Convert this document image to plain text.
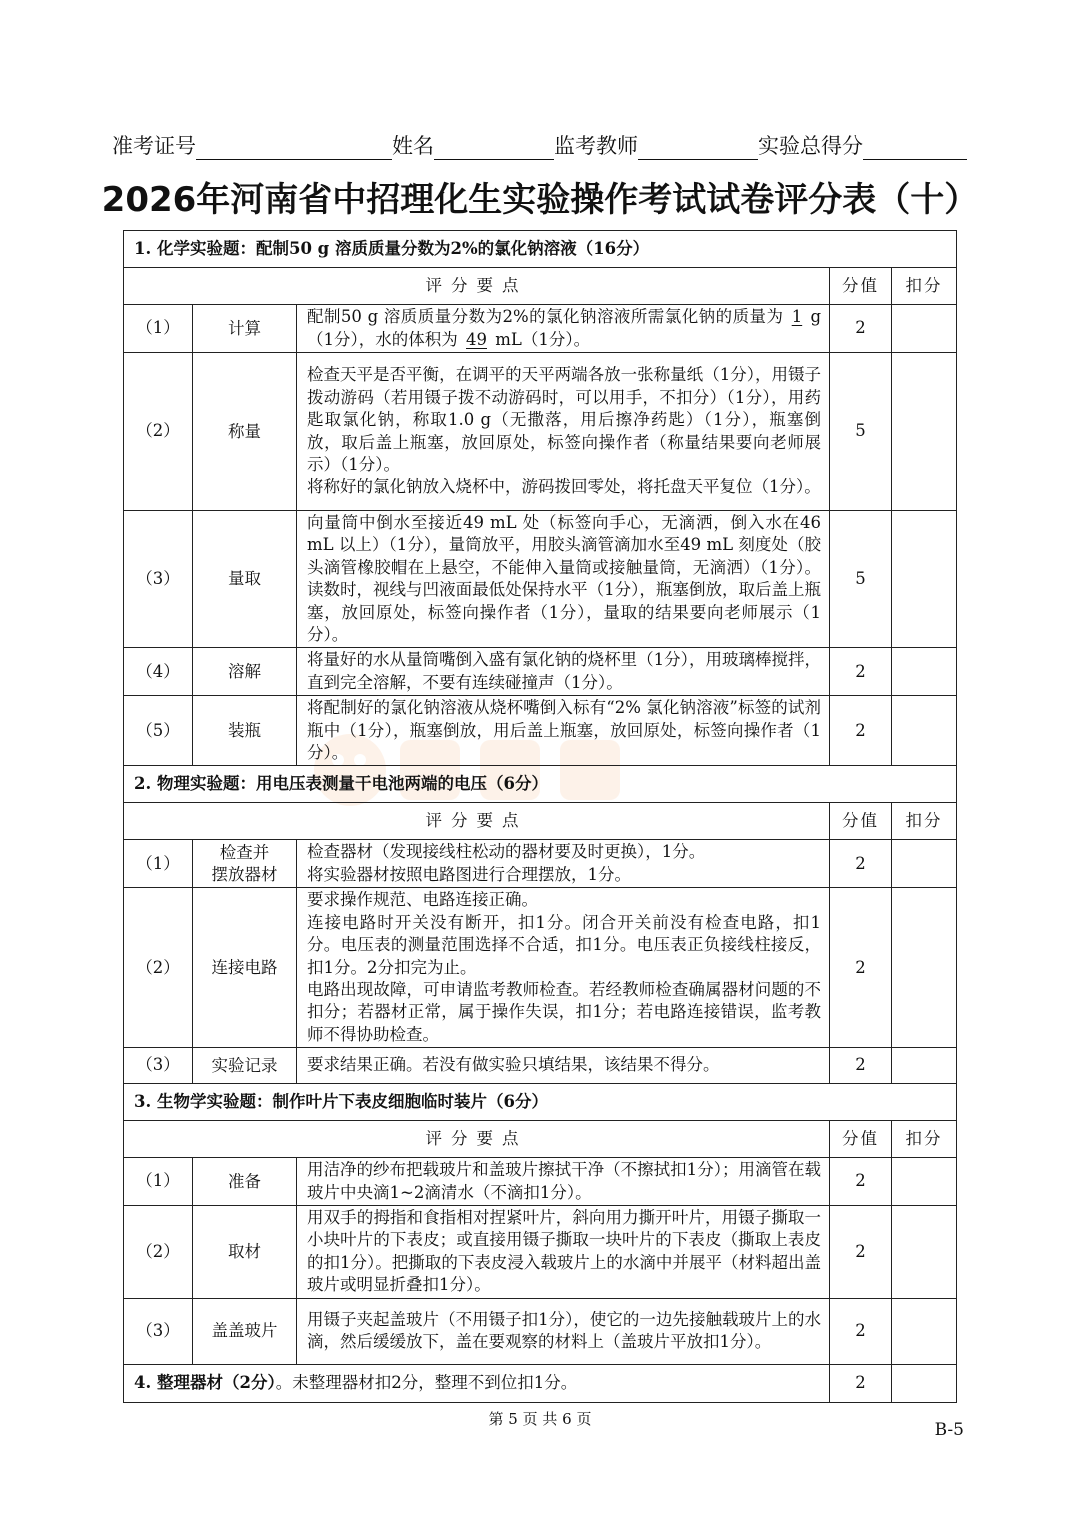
准考证号	姓名	监考教师	实验总得分
2026年河南省中招理化生实验操作考试试卷评分表（十）
1. 化学实验题：配制50 g 溶质质量分数为2%的氯化钠溶液（16分）				
评分要点			分值	扣分
（1）	计算	配制50 g 溶质质量分数为2%的氯化钠溶液所需氯化钠的质量为  1  g（1分），水的体积为  49  mL（1分）。	2	
（2）	称量	检查天平是否平衡，在调平的天平两端各放一张称量纸（1分），用镊子拨动游码（若用镊子拨不动游码时，可以用手，不扣分）（1分），用药匙取氯化钠，称取1.0 g（无撒落，用后擦净药匙）（1分），瓶塞倒放，取后盖上瓶塞，放回原处，标签向操作者（称量结果要向老师展示）（1分）。
将称好的氯化钠放入烧杯中，游码拨回零处，将托盘天平复位（1分）。	5	
（3）	量取	向量筒中倒水至接近49 mL 处（标签向手心，无滴洒，倒入水在46 mL 以上）（1分），量筒放平，用胶头滴管滴加水至49 mL 刻度处（胶头滴管橡胶帽在上悬空，不能伸入量筒或接触量筒，无滴洒）（1分）。读数时，视线与凹液面最低处保持水平（1分），瓶塞倒放，取后盖上瓶塞，放回原处，标签向操作者（1分），量取的结果要向老师展示（1分）。	5	
（4）	溶解	将量好的水从量筒嘴倒入盛有氯化钠的烧杯里（1分），用玻璃棒搅拌，直到完全溶解，不要有连续碰撞声（1分）。	2	
（5）	装瓶	将配制好的氯化钠溶液从烧杯嘴倒入标有“2% 氯化钠溶液”标签的试剂瓶中（1分），瓶塞倒放，用后盖上瓶塞，放回原处，标签向操作者（1分）。	2	
2. 物理实验题：用电压表测量干电池两端的电压（6分）				
评分要点			分值	扣分
（1）	检查并
摆放器材	检查器材（发现接线柱松动的器材要及时更换），1分。
将实验器材按照电路图进行合理摆放，1分。	2	
（2）	连接电路	要求操作规范、电路连接正确。
连接电路时开关没有断开，扣1分。闭合开关前没有检查电路，扣1分。电压表的测量范围选择不合适，扣1分。电压表正负接线柱接反，扣1分。2分扣完为止。
电路出现故障，可申请监考教师检查。若经教师检查确属器材问题的不扣分；若器材正常，属于操作失误，扣1分；若电路连接错误，监考教师不得协助检查。	2	
（3）	实验记录	要求结果正确。若没有做实验只填结果，该结果不得分。	2	
3. 生物学实验题：制作叶片下表皮细胞临时装片（6分）				
评分要点			分值	扣分
（1）	准备	用洁净的纱布把载玻片和盖玻片擦拭干净（不擦拭扣1分）；用滴管在载玻片中央滴1~2滴清水（不滴扣1分）。	2	
（2）	取材	用双手的拇指和食指相对捏紧叶片，斜向用力撕开叶片，用镊子撕取一小块叶片的下表皮；或直接用镊子撕取一块叶片的下表皮（撕取上表皮的扣1分）。把撕取的下表皮浸入载玻片上的水滴中并展平（材料超出盖玻片或明显折叠扣1分）。	2	
（3）	盖盖玻片	用镊子夹起盖玻片（不用镊子扣1分），使它的一边先接触载玻片上的水滴，然后缓缓放下，盖在要观察的材料上（盖玻片平放扣1分）。	2	
4. 整理器材（2分）。未整理器材扣2分，整理不到位扣1分。			2	
第 5 页 共 6 页
B-5
